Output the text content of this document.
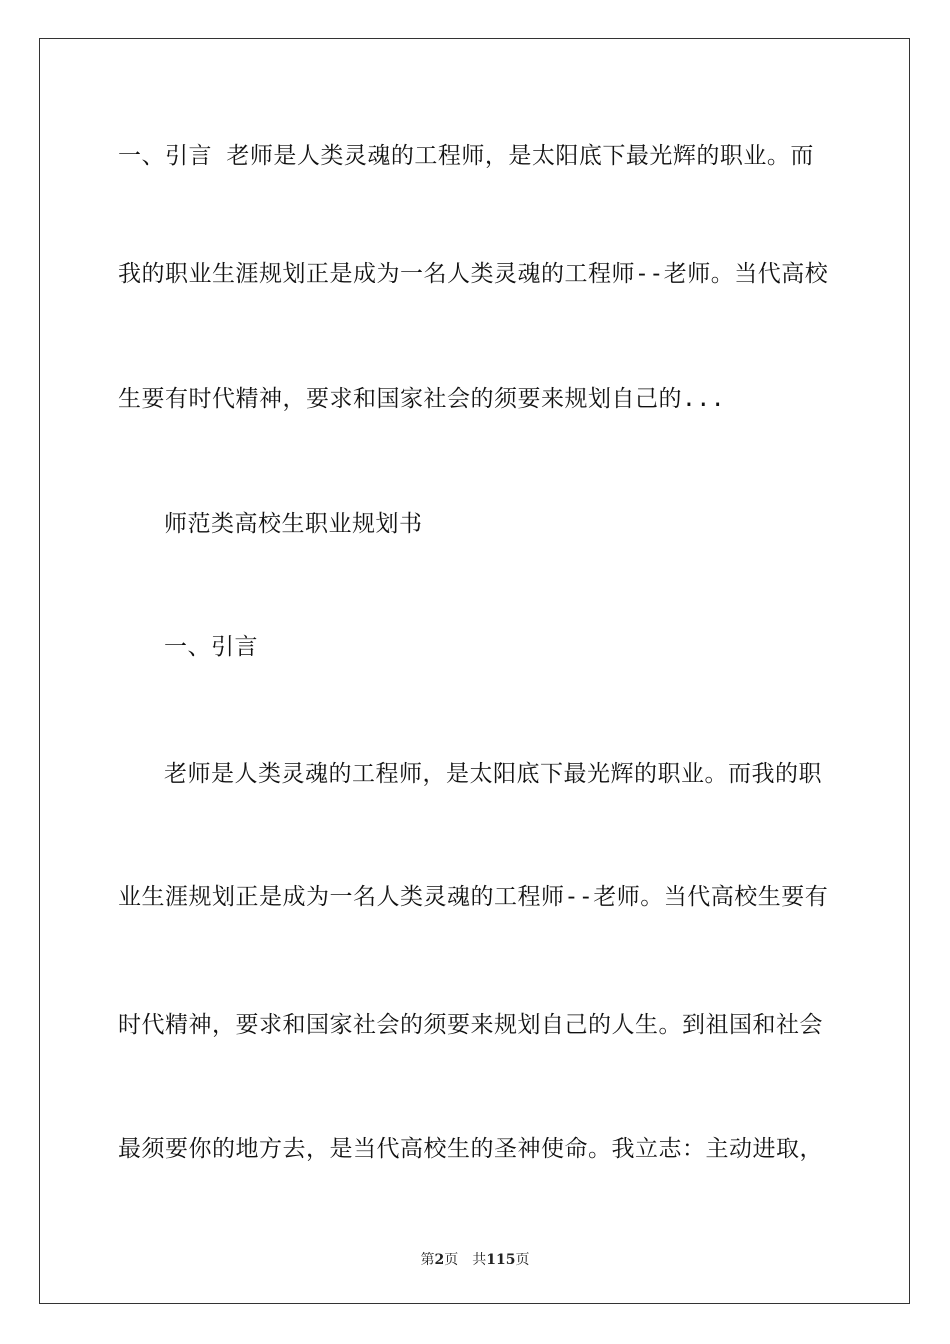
一、引言 老师是人类灵魂的工程师，是太阳底下最光辉的职业。而
我的职业生涯规划正是成为一名人类灵魂的工程师--老师。当代高校
生要有时代精神，要求和国家社会的须要来规划自己的...
师范类高校生职业规划书
一、引言
老师是人类灵魂的工程师，是太阳底下最光辉的职业。而我的职
业生涯规划正是成为一名人类灵魂的工程师--老师。当代高校生要有
时代精神，要求和国家社会的须要来规划自己的人生。到祖国和社会
最须要你的地方去，是当代高校生的圣神使命。我立志：主动进取，
第2页 共115页
